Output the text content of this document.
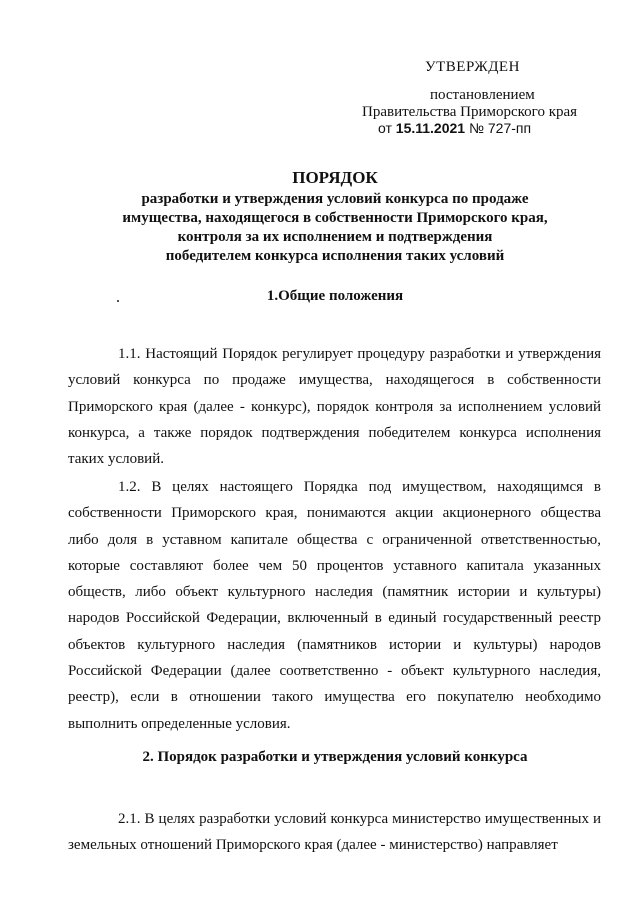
УТВЕРЖДЕН
постановлением
Правительства Приморского края
от 15.11.2021 № 727-пп
ПОРЯДОК
разработки и утверждения условий конкурса по продаже
имущества, находящегося в собственности Приморского края,
контроля за их исполнением и подтверждения
победителем конкурса исполнения таких условий
1.Общие положения

1.1. Настоящий Порядок регулирует процедуру разработки и утверждения условий конкурса по продаже имущества, находящегося в собственности Приморского края (далее - конкурс), порядок контроля за исполнением условий конкурса, а также порядок подтверждения победителем конкурса исполнения таких условий.

1.2. В целях настоящего Порядка под имуществом, находящимся в собственности Приморского края, понимаются акции акционерного общества либо доля в уставном капитале общества с ограниченной ответственностью, которые составляют более чем 50 процентов уставного капитала указанных обществ, либо объект культурного наследия (памятник истории и культуры) народов Российской Федерации, включенный в единый государственный реестр объектов культурного наследия (памятников истории и культуры) народов Российской Федерации (далее соответственно - объект культурного наследия, реестр), если в отношении такого имущества его покупателю необходимо выполнить определенные условия.

2. Порядок разработки и утверждения условий конкурса

2.1. В целях разработки условий конкурса министерство имущественных и земельных отношений Приморского края (далее - министерство) направляет
